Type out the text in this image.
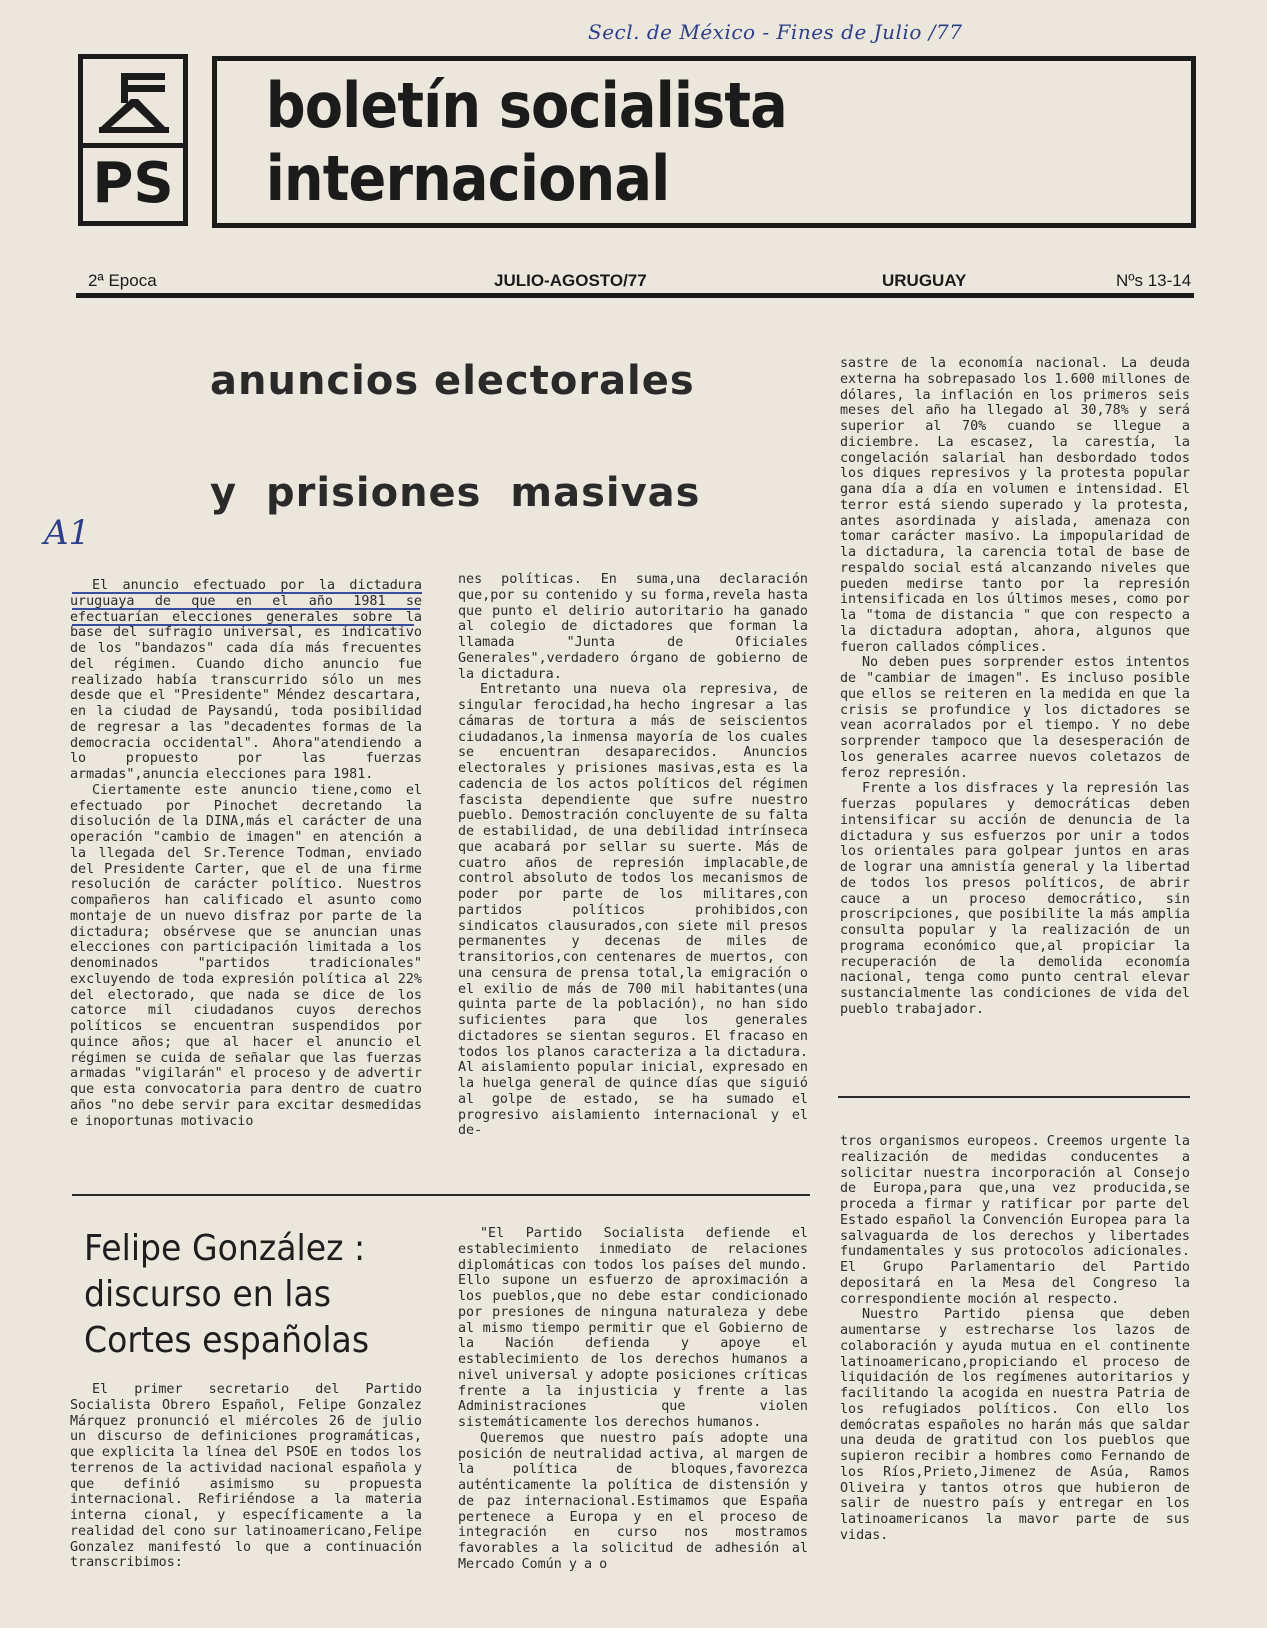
Secl. de México - Fines de Julio /77
PS
boletín socialista internacional
2ª Epoca	JULIO-AGOSTO/77	URUGUAY	Nºs 13-14
anuncios electorales
y prisiones masivas
A1

El anuncio efectuado por la dictadura uruguaya de que en el año 1981 se efectuarían elecciones generales sobre la base del sufragio universal, es indicativo de los "bandazos" cada día más frecuentes del régimen. Cuando dicho anuncio fue realizado había transcurrido sólo un mes desde que el "Presidente" Méndez descartara, en la ciudad de Paysandú, toda posibilidad de regresar a las "decadentes formas de la democracia occidental". Ahora"atendiendo a lo propuesto por las fuerzas armadas",anuncia elecciones para 1981.

Ciertamente este anuncio tiene,como el efectuado por Pinochet decretando la disolución de la DINA,más el carácter de una operación "cambio de imagen" en atención a la llegada del Sr.Terence Todman, enviado del Presidente Carter, que el de una firme resolución de carácter político. Nuestros compañeros han calificado el asunto como montaje de un nuevo disfraz por parte de la dictadura; obsérvese que se anuncian unas elecciones con participación limitada a los denominados "partidos tradicionales" excluyendo de toda expresión política al 22% del electorado, que nada se dice de los catorce mil ciudadanos cuyos derechos políticos se encuentran suspendidos por quince años; que al hacer el anuncio el régimen se cuida de señalar que las fuerzas armadas "vigilarán" el proceso y de advertir que esta convocatoria para dentro de cuatro años "no debe servir para excitar desmedidas e inoportunas motivacio

nes políticas. En suma,una declaración que,por su contenido y su forma,revela hasta que punto el delirio autoritario ha ganado al colegio de dictadores que forman la llamada "Junta de Oficiales Generales",verdadero órgano de gobierno de la dictadura.

Entretanto una nueva ola represiva, de singular ferocidad,ha hecho ingresar a las cámaras de tortura a más de seiscientos ciudadanos,la inmensa mayoría de los cuales se encuentran desaparecidos. Anuncios electorales y prisiones masivas,esta es la cadencia de los actos políticos del régimen fascista dependiente que sufre nuestro pueblo. Demostración concluyente de su falta de estabilidad, de una debilidad intrínseca que acabará por sellar su suerte. Más de cuatro años de represión implacable,de control absoluto de todos los mecanismos de poder por parte de los militares,con partidos políticos prohibidos,con sindicatos clausurados,con siete mil presos permanentes y decenas de miles de transitorios,con centenares de muertos, con una censura de prensa total,la emigración o el exilio de más de 700 mil habitantes(una quinta parte de la población), no han sido suficientes para que los generales dictadores se sientan seguros. El fracaso en todos los planos caracteriza a la dictadura. Al aislamiento popular inicial, expresado en la huelga general de quince días que siguió al golpe de estado, se ha sumado el progresivo aislamiento internacional y el de-

sastre de la economía nacional. La deuda externa ha sobrepasado los 1.600 millones de dólares, la inflación en los primeros seis meses del año ha llegado al 30,78% y será superior al 70% cuando se llegue a diciembre. La escasez, la carestía, la congelación salarial han desbordado todos los diques represivos y la protesta popular gana día a día en volumen e intensidad. El terror está siendo superado y la protesta, antes asordinada y aislada, amenaza con tomar carácter masivo. La impopularidad de la dictadura, la carencia total de base de respaldo social está alcanzando niveles que pueden medirse tanto por la represión intensificada en los últimos meses, como por la "toma de distancia " que con respecto a la dictadura adoptan, ahora, algunos que fueron callados cómplices.

No deben pues sorprender estos intentos de "cambiar de imagen". Es incluso posible que ellos se reiteren en la medida en que la crisis se profundice y los dictadores se vean acorralados por el tiempo. Y no debe sorprender tampoco que la desesperación de los generales acarree nuevos coletazos de feroz represión.

Frente a los disfraces y la represión las fuerzas populares y democráticas deben intensificar su acción de denuncia de la dictadura y sus esfuerzos por unir a todos los orientales para golpear juntos en aras de lograr una amnistía general y la libertad de todos los presos políticos, de abrir cauce a un proceso democrático, sin proscripciones, que posibilite la más amplia consulta popular y la realización de un programa económico que,al propiciar la recuperación de la demolida economía nacional, tenga como punto central elevar sustancialmente las condiciones de vida del pueblo trabajador.

Felipe González :
discurso en las
Cortes españolas

El primer secretario del Partido Socialista Obrero Español, Felipe Gonzalez Márquez pronunció el miércoles 26 de julio un discurso de definiciones programáticas, que explicita la línea del PSOE en todos los terrenos de la actividad nacional española y que definió asimismo su propuesta internacional. Refiriéndose a la materia interna cional, y específicamente a la realidad del cono sur latinoamericano,Felipe Gonzalez manifestó lo que a continuación transcribimos:

"El Partido Socialista defiende el establecimiento inmediato de relaciones diplomáticas con todos los países del mundo. Ello supone un esfuerzo de aproximación a los pueblos,que no debe estar condicionado por presiones de ninguna naturaleza y debe al mismo tiempo permitir que el Gobierno de la Nación defienda y apoye el establecimiento de los derechos humanos a nivel universal y adopte posiciones críticas frente a la injusticia y frente a las Administraciones que violen sistemáticamente los derechos humanos.

Queremos que nuestro país adopte una posición de neutralidad activa, al margen de la política de bloques,favorezca auténticamente la política de distensión y de paz internacional.Estimamos que España pertenece a Europa y en el proceso de integración en curso nos mostramos favorables a la solicitud de adhesión al Mercado Común y a o

tros organismos europeos. Creemos urgente la realización de medidas conducentes a solicitar nuestra incorporación al Consejo de Europa,para que,una vez producida,se proceda a firmar y ratificar por parte del Estado español la Convención Europea para la salvaguarda de los derechos y libertades fundamentales y sus protocolos adicionales. El Grupo Parlamentario del Partido depositará en la Mesa del Congreso la correspondiente moción al respecto.

Nuestro Partido piensa que deben aumentarse y estrecharse los lazos de colaboración y ayuda mutua en el continente latinoamericano,propiciando el proceso de liquidación de los regímenes autoritarios y facilitando la acogida en nuestra Patria de los refugiados políticos. Con ello los demócratas españoles no harán más que saldar una deuda de gratitud con los pueblos que supieron recibir a hombres como Fernando de los Ríos,Prieto,Jimenez de Asúa, Ramos Oliveira y tantos otros que hubieron de salir de nuestro país y entregar en los latinoamericanos la mavor parte de sus vidas.
